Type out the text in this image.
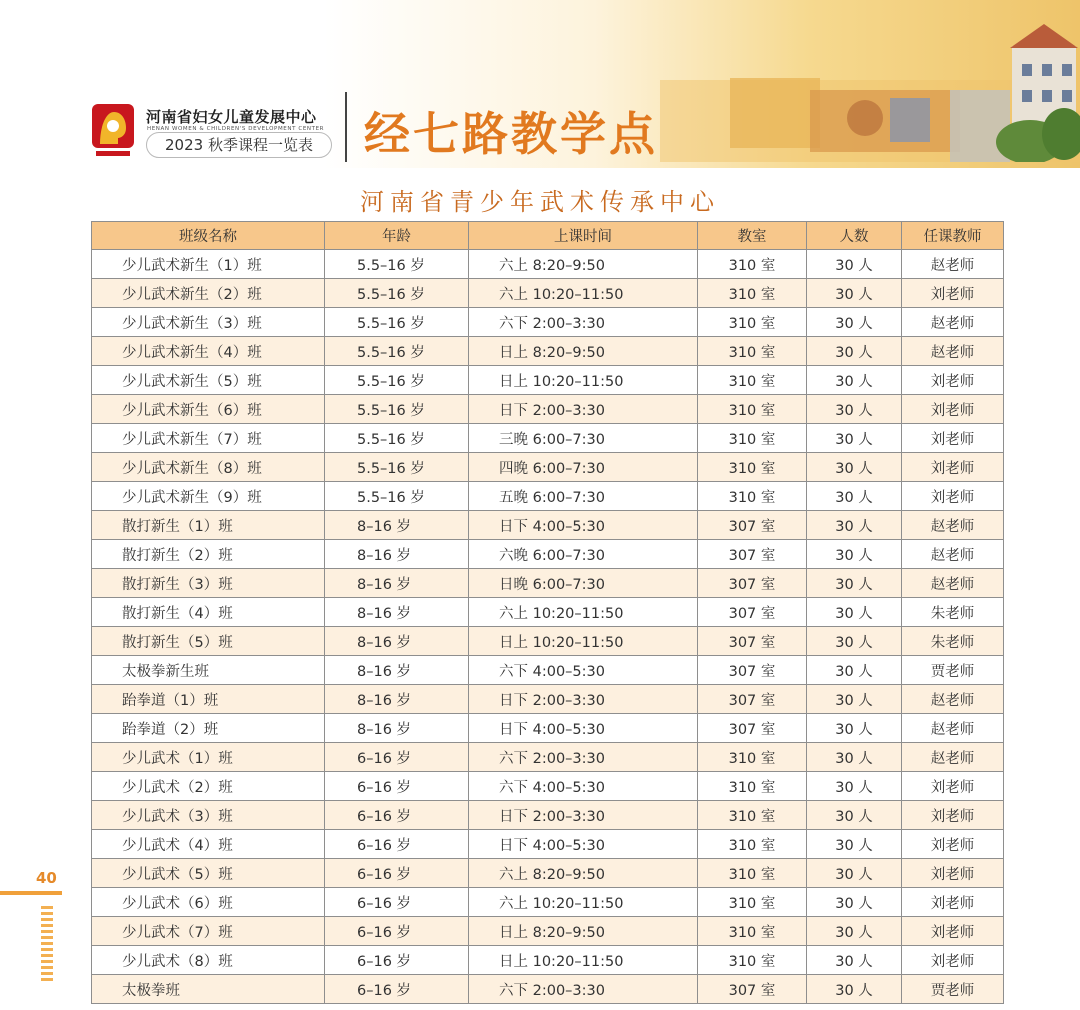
河南省妇女儿童发展中心
HENAN WOMEN & CHILDREN'S DEVELOPMENT CENTER
2023 秋季课程一览表	经七路教学点
河南省青少年武术传承中心
班级名称	年龄	上课时间	教室	人数	任课教师
少儿武术新生（1）班	5.5–16 岁	六上 8:20–9:50	310 室	30 人	赵老师
少儿武术新生（2）班	5.5–16 岁	六上 10:20–11:50	310 室	30 人	刘老师
少儿武术新生（3）班	5.5–16 岁	六下 2:00–3:30	310 室	30 人	赵老师
少儿武术新生（4）班	5.5–16 岁	日上 8:20–9:50	310 室	30 人	赵老师
少儿武术新生（5）班	5.5–16 岁	日上 10:20–11:50	310 室	30 人	刘老师
少儿武术新生（6）班	5.5–16 岁	日下 2:00–3:30	310 室	30 人	刘老师
少儿武术新生（7）班	5.5–16 岁	三晚 6:00–7:30	310 室	30 人	刘老师
少儿武术新生（8）班	5.5–16 岁	四晚 6:00–7:30	310 室	30 人	刘老师
少儿武术新生（9）班	5.5–16 岁	五晚 6:00–7:30	310 室	30 人	刘老师
散打新生（1）班	8–16 岁	日下 4:00–5:30	307 室	30 人	赵老师
散打新生（2）班	8–16 岁	六晚 6:00–7:30	307 室	30 人	赵老师
散打新生（3）班	8–16 岁	日晚 6:00–7:30	307 室	30 人	赵老师
散打新生（4）班	8–16 岁	六上 10:20–11:50	307 室	30 人	朱老师
散打新生（5）班	8–16 岁	日上 10:20–11:50	307 室	30 人	朱老师
太极拳新生班	8–16 岁	六下 4:00–5:30	307 室	30 人	贾老师
跆拳道（1）班	8–16 岁	日下 2:00–3:30	307 室	30 人	赵老师
跆拳道（2）班	8–16 岁	日下 4:00–5:30	307 室	30 人	赵老师
少儿武术（1）班	6–16 岁	六下 2:00–3:30	310 室	30 人	赵老师
少儿武术（2）班	6–16 岁	六下 4:00–5:30	310 室	30 人	刘老师
少儿武术（3）班	6–16 岁	日下 2:00–3:30	310 室	30 人	刘老师
少儿武术（4）班	6–16 岁	日下 4:00–5:30	310 室	30 人	刘老师
少儿武术（5）班	6–16 岁	六上 8:20–9:50	310 室	30 人	刘老师
少儿武术（6）班	6–16 岁	六上 10:20–11:50	310 室	30 人	刘老师
少儿武术（7）班	6–16 岁	日上 8:20–9:50	310 室	30 人	刘老师
少儿武术（8）班	6–16 岁	日上 10:20–11:50	310 室	30 人	刘老师
太极拳班	6–16 岁	六下 2:00–3:30	307 室	30 人	贾老师
40
